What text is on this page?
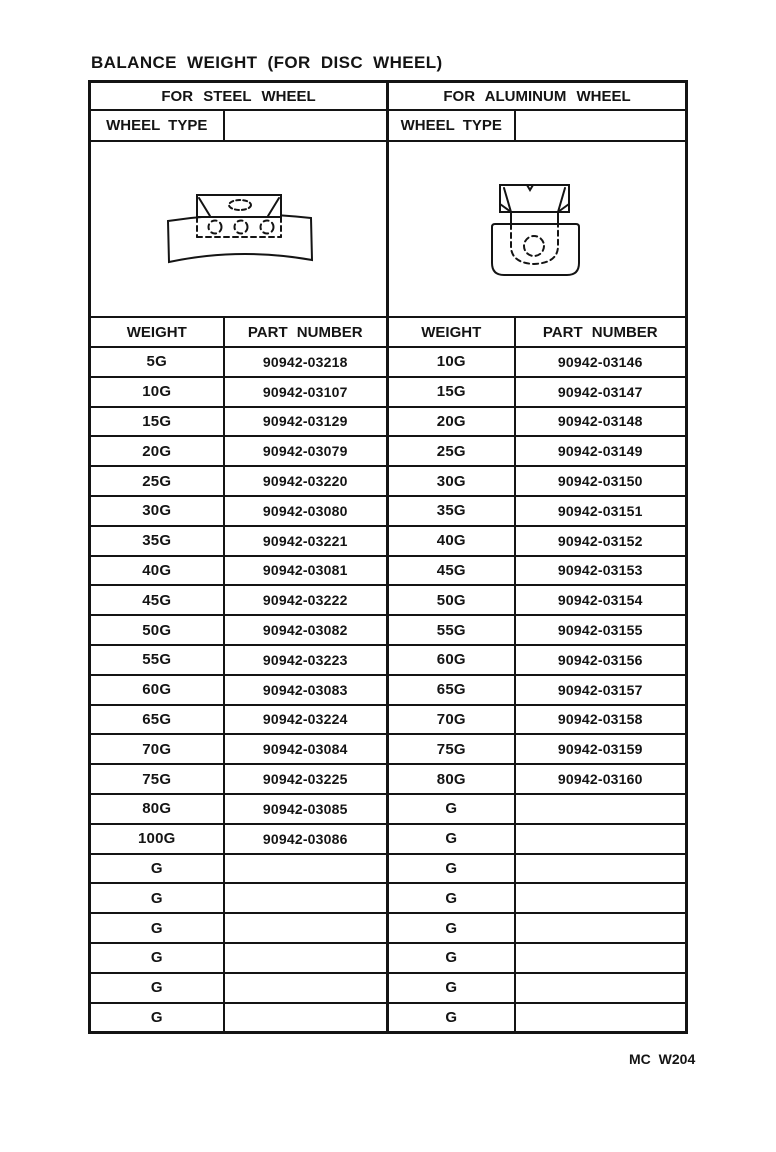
BALANCE WEIGHT (FOR DISC WHEEL)
FOR STEEL WHEEL		FOR ALUMINUM WHEEL	
WHEEL TYPE		WHEEL TYPE	

WEIGHT	PART NUMBER	WEIGHT	PART NUMBER
5G	90942-03218	10G	90942-03146
10G	90942-03107	15G	90942-03147
15G	90942-03129	20G	90942-03148
20G	90942-03079	25G	90942-03149
25G	90942-03220	30G	90942-03150
30G	90942-03080	35G	90942-03151
35G	90942-03221	40G	90942-03152
40G	90942-03081	45G	90942-03153
45G	90942-03222	50G	90942-03154
50G	90942-03082	55G	90942-03155
55G	90942-03223	60G	90942-03156
60G	90942-03083	65G	90942-03157
65G	90942-03224	70G	90942-03158
70G	90942-03084	75G	90942-03159
75G	90942-03225	80G	90942-03160
80G	90942-03085	G	
100G	90942-03086	G	
G		G	
G		G	
G		G	
G		G	
G		G	
G		G	
MC W204
